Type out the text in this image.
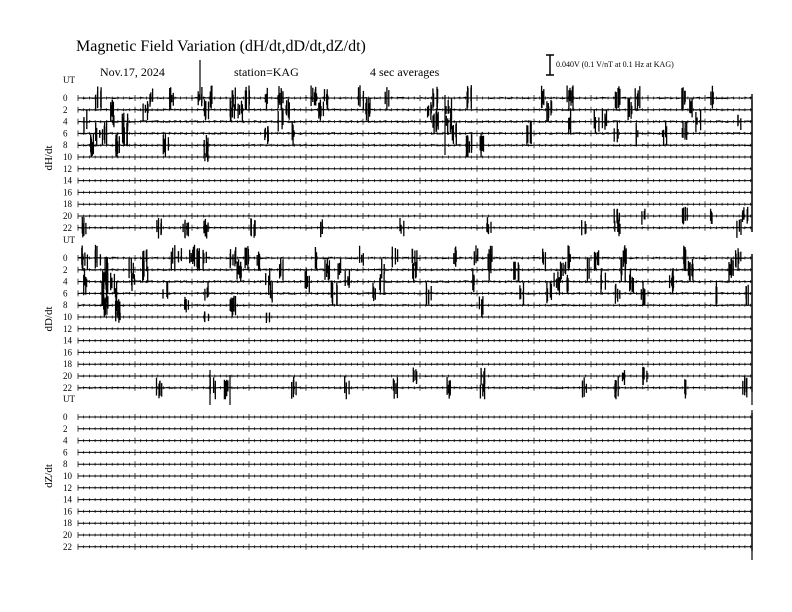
Magnetic Field Variation (dH/dt,dD/dt,dZ/dt)
Nov.17, 2024	station=KAG	4 sec averages
0.040V (0.1 V/nT at 0.1 Hz at KAG)
UT
dH/dt
0
2
4
6
8
10
12
14
16
18
20
22
UT
dD/dt
0
2
4
6
8
10
12
14
16
18
20
22
UT
dZ/dt
0
2
4
6
8
10
12
14
16
18
20
22
